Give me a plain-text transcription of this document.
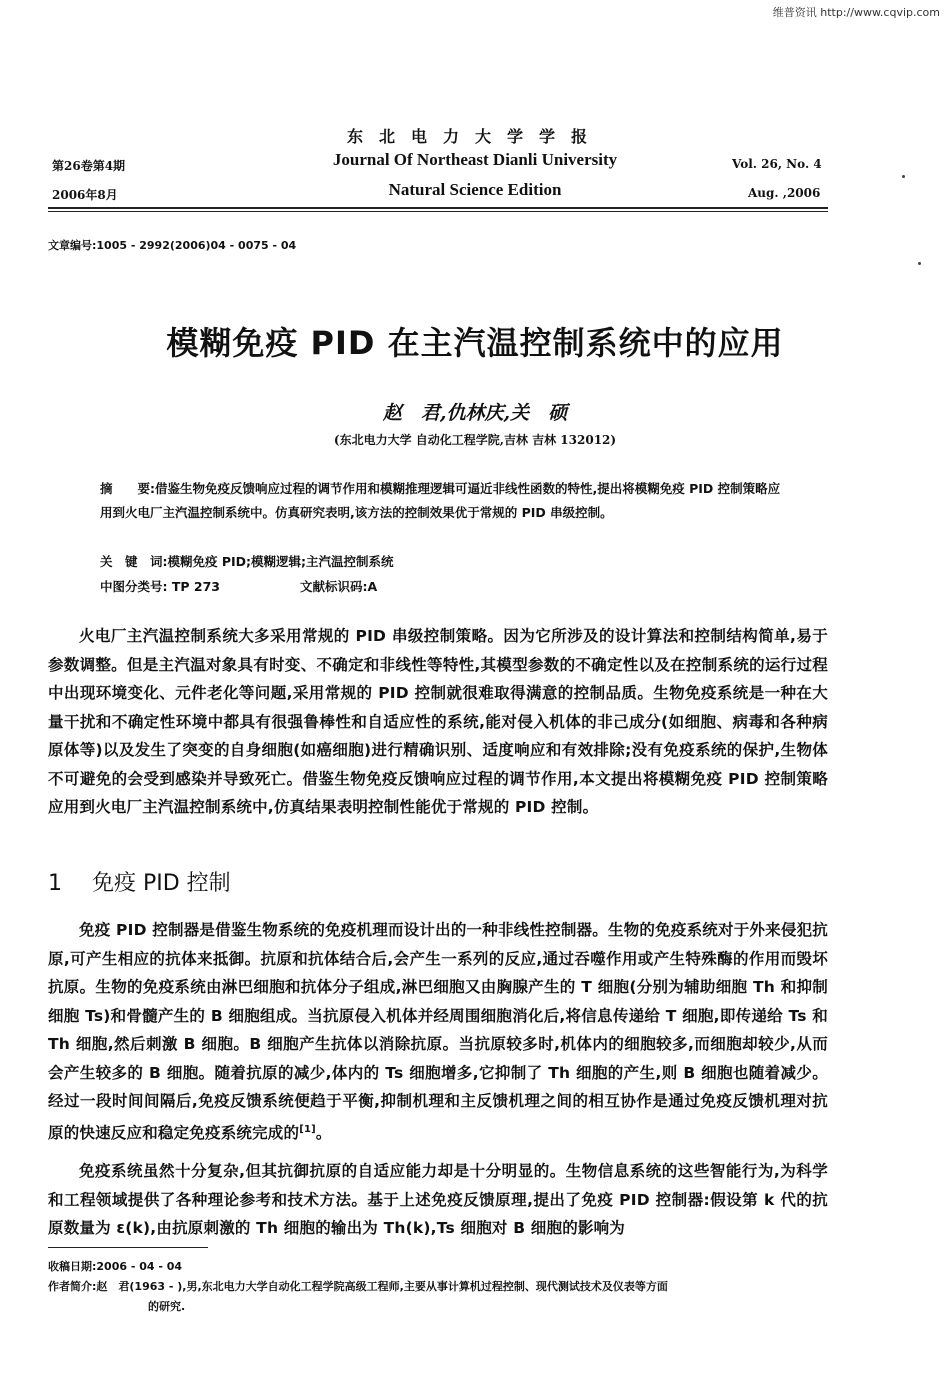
维普资讯 http://www.cqvip.com
东北电力大学学报
Journal Of Northeast Dianli University
Natural Science Edition
第26卷第4期
2006年8月
Vol. 26, No. 4
Aug. ,2006
文章编号:1005 - 2992(2006)04 - 0075 - 04
模糊免疫 PID 在主汽温控制系统中的应用
赵　君,仇林庆,关　硕
(东北电力大学 自动化工程学院,吉林 吉林 132012)
摘　　要:借鉴生物免疫反馈响应过程的调节作用和模糊推理逻辑可逼近非线性函数的特性,提出将模糊免疫 PID 控制策略应用到火电厂主汽温控制系统中。仿真研究表明,该方法的控制效果优于常规的 PID 串级控制。
关　键　词:模糊免疫 PID;模糊逻辑;主汽温控制系统
中图分类号: TP 273	文献标识码:A
火电厂主汽温控制系统大多采用常规的 PID 串级控制策略。因为它所涉及的设计算法和控制结构简单,易于参数调整。但是主汽温对象具有时变、不确定和非线性等特性,其模型参数的不确定性以及在控制系统的运行过程中出现环境变化、元件老化等问题,采用常规的 PID 控制就很难取得满意的控制品质。生物免疫系统是一种在大量干扰和不确定性环境中都具有很强鲁棒性和自适应性的系统,能对侵入机体的非己成分(如细胞、病毒和各种病原体等)以及发生了突变的自身细胞(如癌细胞)进行精确识别、适度响应和有效排除;没有免疫系统的保护,生物体不可避免的会受到感染并导致死亡。借鉴生物免疫反馈响应过程的调节作用,本文提出将模糊免疫 PID 控制策略应用到火电厂主汽温控制系统中,仿真结果表明控制性能优于常规的 PID 控制。
1 免疫 PID 控制
免疫 PID 控制器是借鉴生物系统的免疫机理而设计出的一种非线性控制器。生物的免疫系统对于外来侵犯抗原,可产生相应的抗体来抵御。抗原和抗体结合后,会产生一系列的反应,通过吞噬作用或产生特殊酶的作用而毁坏抗原。生物的免疫系统由淋巴细胞和抗体分子组成,淋巴细胞又由胸腺产生的 T 细胞(分别为辅助细胞 Th 和抑制细胞 Ts)和骨髓产生的 B 细胞组成。当抗原侵入机体并经周围细胞消化后,将信息传递给 T 细胞,即传递给 Ts 和 Th 细胞,然后刺激 B 细胞。B 细胞产生抗体以消除抗原。当抗原较多时,机体内的细胞较多,而细胞却较少,从而会产生较多的 B 细胞。随着抗原的减少,体内的 Ts 细胞增多,它抑制了 Th 细胞的产生,则 B 细胞也随着减少。经过一段时间间隔后,免疫反馈系统便趋于平衡,抑制机理和主反馈机理之间的相互协作是通过免疫反馈机理对抗原的快速反应和稳定免疫系统完成的[1]。
免疫系统虽然十分复杂,但其抗御抗原的自适应能力却是十分明显的。生物信息系统的这些智能行为,为科学和工程领域提供了各种理论参考和技术方法。基于上述免疫反馈原理,提出了免疫 PID 控制器:假设第 k 代的抗原数量为 ε(k),由抗原刺激的 Th 细胞的输出为 Th(k),Ts 细胞对 B 细胞的影响为
收稿日期:2006 - 04 - 04
作者简介:赵　君(1963 - ),男,东北电力大学自动化工程学院高级工程师,主要从事计算机过程控制、现代测试技术及仪表等方面
的研究.
